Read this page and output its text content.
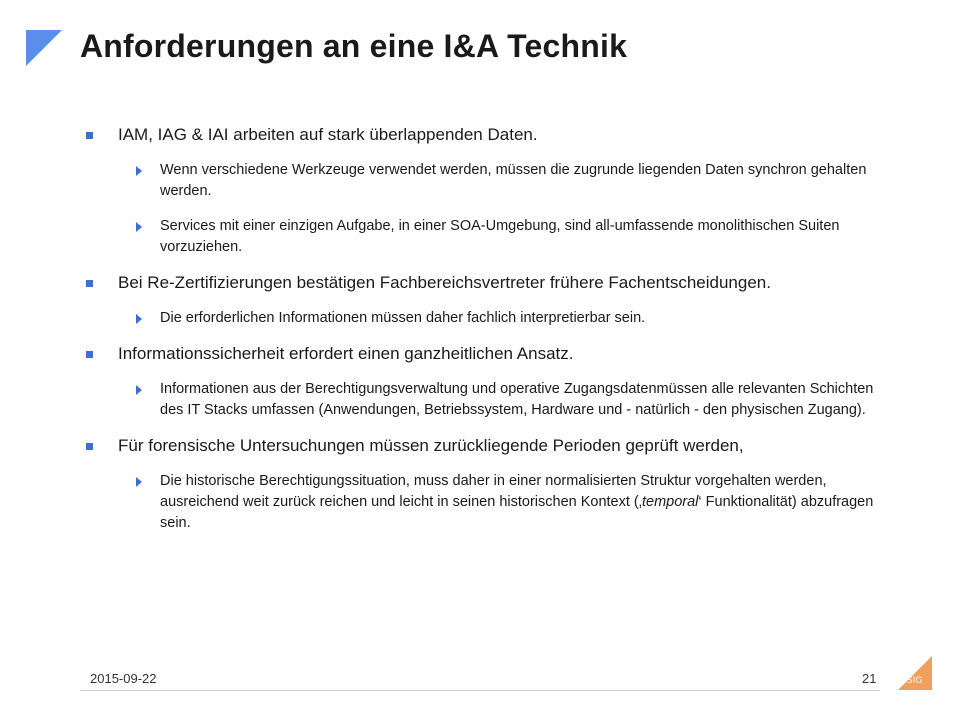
Anforderungen an eine I&A Technik
IAM, IAG & IAI arbeiten auf stark überlappenden Daten.
Wenn verschiedene Werkzeuge verwendet werden, müssen die zugrunde liegenden Daten synchron gehalten werden.
Services mit einer einzigen Aufgabe, in einer SOA-Umgebung, sind all-umfassende monolithischen Suiten vorzuziehen.
Bei Re-Zertifizierungen bestätigen Fachbereichsvertreter frühere Fachentscheidungen.
Die erforderlichen Informationen müssen daher fachlich interpretierbar sein.
Informationssicherheit erfordert einen ganzheitlichen Ansatz.
Informationen aus der Berechtigungsverwaltung und operative Zugangsdatenmüssen alle relevanten Schichten des IT Stacks umfassen (Anwendungen, Betriebssystem, Hardware und - natürlich - den physischen Zugang).
Für forensische Untersuchungen müssen zurückliegende Perioden geprüft werden,
Die historische Berechtigungssituation, muss daher in einer normalisierten Struktur vorgehalten werden, ausreichend weit zurück reichen und leicht in seinen historischen Kontext (‚temporal‘ Funktionalität) abzufragen sein.
2015-09-22	21	SIG
